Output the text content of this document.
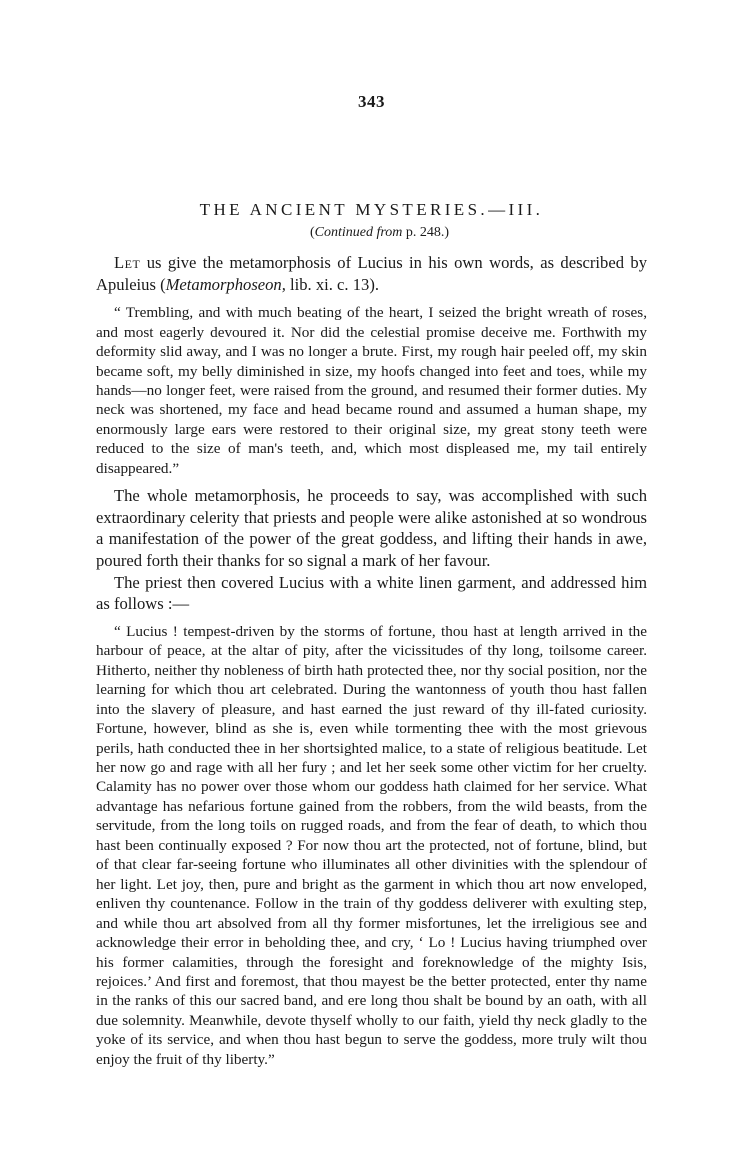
343
THE ANCIENT MYSTERIES.—III.
(Continued from p. 248.)

Let us give the metamorphosis of Lucius in his own words, as described by Apuleius (Metamorphoseon, lib. xi. c. 13).

“ Trembling, and with much beating of the heart, I seized the bright wreath of roses, and most eagerly devoured it. Nor did the celestial promise deceive me. Forthwith my deformity slid away, and I was no longer a brute. First, my rough hair peeled off, my skin became soft, my belly diminished in size, my hoofs changed into feet and toes, while my hands—no longer feet, were raised from the ground, and resumed their former duties. My neck was shortened, my face and head became round and assumed a human shape, my enormously large ears were restored to their original size, my great stony teeth were reduced to the size of man's teeth, and, which most displeased me, my tail entirely disappeared.”

The whole metamorphosis, he proceeds to say, was accomplished with such extraordinary celerity that priests and people were alike astonished at so wondrous a manifestation of the power of the great goddess, and lifting their hands in awe, poured forth their thanks for so signal a mark of her favour.

The priest then covered Lucius with a white linen garment, and addressed him as follows :—

“ Lucius ! tempest-driven by the storms of fortune, thou hast at length arrived in the harbour of peace, at the altar of pity, after the vicissitudes of thy long, toilsome career. Hitherto, neither thy nobleness of birth hath protected thee, nor thy social position, nor the learning for which thou art celebrated. During the wantonness of youth thou hast fallen into the slavery of pleasure, and hast earned the just reward of thy ill-fated curiosity. Fortune, however, blind as she is, even while tormenting thee with the most grievous perils, hath conducted thee in her shortsighted malice, to a state of religious beatitude. Let her now go and rage with all her fury ; and let her seek some other victim for her cruelty. Calamity has no power over those whom our goddess hath claimed for her service. What advantage has nefarious fortune gained from the robbers, from the wild beasts, from the servitude, from the long toils on rugged roads, and from the fear of death, to which thou hast been continually exposed ? For now thou art the protected, not of fortune, blind, but of that clear far-seeing fortune who illuminates all other divinities with the splendour of her light. Let joy, then, pure and bright as the garment in which thou art now enveloped, enliven thy countenance. Follow in the train of thy goddess deliverer with exulting step, and while thou art absolved from all thy former misfortunes, let the irreligious see and acknowledge their error in beholding thee, and cry, ‘ Lo ! Lucius having triumphed over his former calamities, through the foresight and foreknowledge of the mighty Isis, rejoices.’ And first and foremost, that thou mayest be the better protected, enter thy name in the ranks of this our sacred band, and ere long thou shalt be bound by an oath, with all due solemnity. Meanwhile, devote thyself wholly to our faith, yield thy neck gladly to the yoke of its service, and when thou hast begun to serve the goddess, more truly wilt thou enjoy the fruit of thy liberty.”
